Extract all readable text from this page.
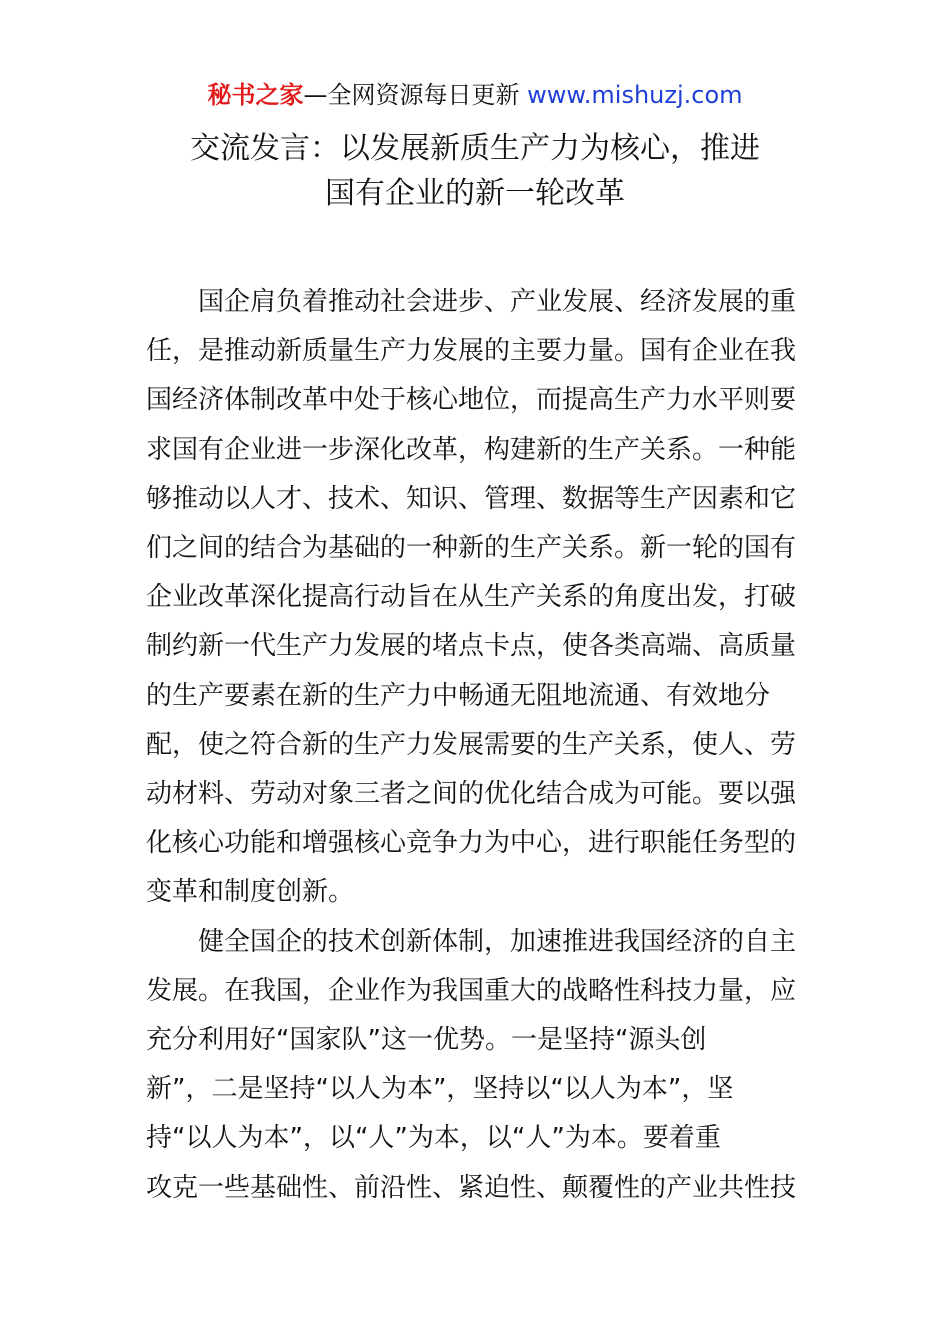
秘书之家—全网资源每日更新 www.mishuzj.com
交流发言：以发展新质生产力为核心，推进
国有企业的新一轮改革

国企肩负着推动社会进步、产业发展、经济发展的重
任，是推动新质量生产力发展的主要力量。国有企业在我
国经济体制改革中处于核心地位，而提高生产力水平则要
求国有企业进一步深化改革，构建新的生产关系。一种能
够推动以人才、技术、知识、管理、数据等生产因素和它
们之间的结合为基础的一种新的生产关系。新一轮的国有
企业改革深化提高行动旨在从生产关系的角度出发，打破
制约新一代生产力发展的堵点卡点，使各类高端、高质量
的生产要素在新的生产力中畅通无阻地流通、有效地分
配，使之符合新的生产力发展需要的生产关系，使人、劳
动材料、劳动对象三者之间的优化结合成为可能。要以强
化核心功能和增强核心竞争力为中心，进行职能任务型的
变革和制度创新。

健全国企的技术创新体制，加速推进我国经济的自主
发展。在我国，企业作为我国重大的战略性科技力量，应
充分利用好“国家队”这一优势。一是坚持“源头创
新”，二是坚持“以人为本”，坚持以“以人为本”，坚
持“以人为本”，以“人”为本，以“人”为本。要着重
攻克一些基础性、前沿性、紧迫性、颠覆性的产业共性技
